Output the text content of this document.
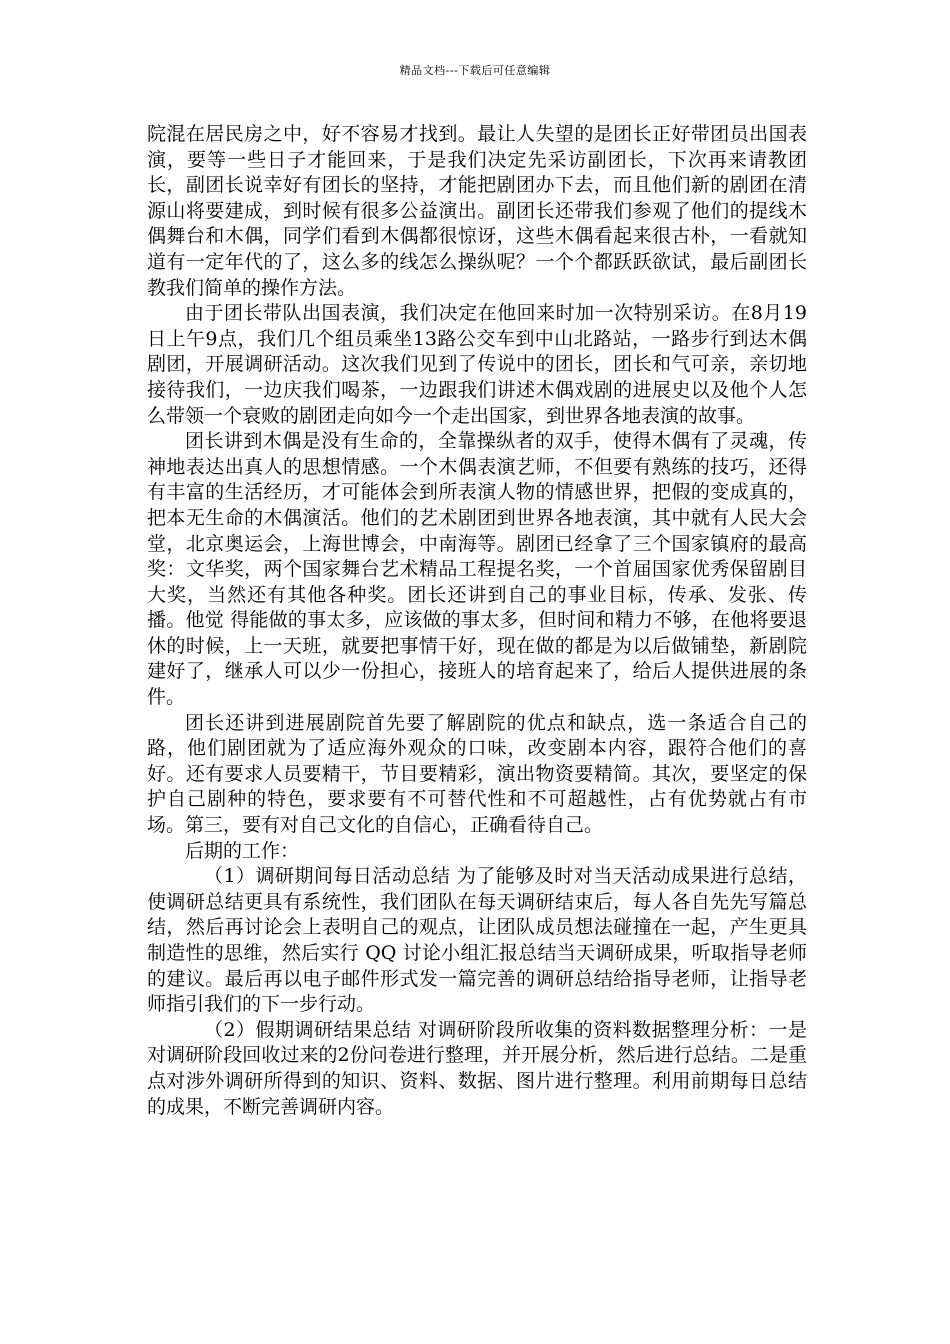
精品文档---下载后可任意编辑

院混在居民房之中，好不容易才找到。最让人失望的是团长正好带团员出国表演，要等一些日子才能回来，于是我们决定先采访副团长，下次再来请教团长，副团长说幸好有团长的坚持，才能把剧团办下去，而且他们新的剧团在清源山将要建成，到时候有很多公益演出。副团长还带我们参观了他们的提线木偶舞台和木偶，同学们看到木偶都很惊讶，这些木偶看起来很古朴，一看就知道有一定年代的了，这么多的线怎么操纵呢？一个个都跃跃欲试，最后副团长教我们简单的操作方法。

由于团长带队出国表演，我们决定在他回来时加一次特别采访。在8月19日上午9点，我们几个组员乘坐13路公交车到中山北路站，一路步行到达木偶剧团，开展调研活动。这次我们见到了传说中的团长，团长和气可亲，亲切地接待我们，一边庆我们喝茶，一边跟我们讲述木偶戏剧的进展史以及他个人怎么带领一个衰败的剧团走向如今一个走出国家，到世界各地表演的故事。

团长讲到木偶是没有生命的，全靠操纵者的双手，使得木偶有了灵魂，传神地表达出真人的思想情感。一个木偶表演艺师，不但要有熟练的技巧，还得有丰富的生活经历，才可能体会到所表演人物的情感世界，把假的变成真的，把本无生命的木偶演活。他们的艺术剧团到世界各地表演，其中就有人民大会堂，北京奥运会，上海世博会，中南海等。剧团已经拿了三个国家镇府的最高奖：文华奖，两个国家舞台艺术精品工程提名奖，一个首届国家优秀保留剧目大奖，当然还有其他各种奖。团长还讲到自己的事业目标，传承、发张、传播。他觉 得能做的事太多，应该做的事太多，但时间和精力不够，在他将要退休的时候，上一天班，就要把事情干好，现在做的都是为以后做铺垫，新剧院建好了，继承人可以少一份担心，接班人的培育起来了，给后人提供进展的条件。

团长还讲到进展剧院首先要了解剧院的优点和缺点，选一条适合自己的路，他们剧团就为了适应海外观众的口味，改变剧本内容，跟符合他们的喜好。还有要求人员要精干，节目要精彩，演出物资要精简。其次，要坚定的保护自己剧种的特色，要求要有不可替代性和不可超越性，占有优势就占有市场。第三，要有对自己文化的自信心，正确看待自己。

后期的工作：

（1）调研期间每日活动总结 为了能够及时对当天活动成果进行总结，使调研总结更具有系统性，我们团队在每天调研结束后，每人各自先先写篇总结，然后再讨论会上表明自己的观点，让团队成员想法碰撞在一起，产生更具制造性的思维，然后实行 QQ 讨论小组汇报总结当天调研成果，听取指导老师的建议。最后再以电子邮件形式发一篇完善的调研总结给指导老师，让指导老师指引我们的下一步行动。

（2）假期调研结果总结 对调研阶段所收集的资料数据整理分析：一是对调研阶段回收过来的2份问卷进行整理，并开展分析，然后进行总结。二是重点对涉外调研所得到的知识、资料、数据、图片进行整理。利用前期每日总结的成果，不断完善调研内容。
